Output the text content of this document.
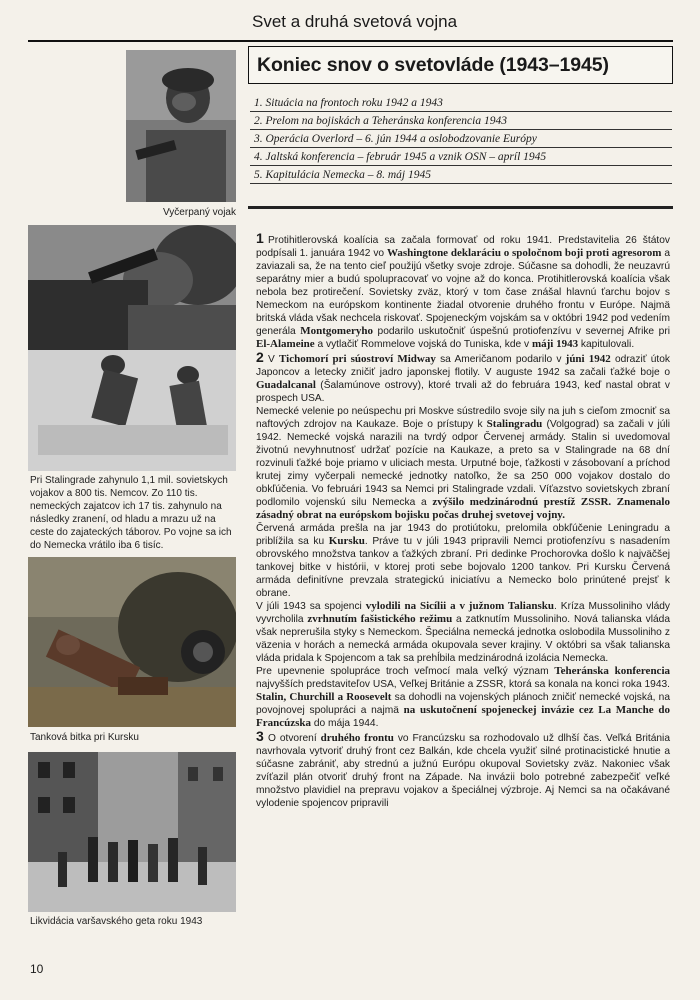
Svet a druhá svetová vojna
Vyčerpaný vojak
Pri Stalingrade zahynulo 1,1 mil. sovietskych vojakov a 800 tis. Nemcov. Zo 110 tis. nemeckých zajatcov ich 17 tis. zahynulo na následky zranení, od hladu a mrazu už na ceste do zajateckých táborov. Po vojne sa ich do Nemecka vrátilo iba 6 tisíc.
Tanková bitka pri Kursku
Likvidácia varšavského geta roku 1943
Koniec snov o svetovláde (1943–1945)
1. Situácia na frontoch roku 1942 a 1943
2. Prelom na bojiskách a Teheránska konferencia 1943
3. Operácia Overlord – 6. jún 1944 a oslobodzovanie Európy
4. Jaltská konferencia – február 1945 a vznik OSN – apríl 1945
5. Kapitulácia Nemecka – 8. máj 1945

1 Protihitlerovská koalícia sa začala formovať od roku 1941. Predstavitelia 26 štátov podpísali 1. januára 1942 vo Washingtone deklaráciu o spoločnom boji proti agresorom a zaviazali sa, že na tento cieľ použijú všetky svoje zdroje. Súčasne sa dohodli, že neuzavrú separátny mier a budú spolupracovať vo vojne až do konca. Protihitlerovská koalícia však nebola bez protirečení. Sovietsky zväz, ktorý v tom čase znášal hlavnú ťarchu bojov s Nemeckom na európskom kontinente žiadal otvorenie druhého frontu v Európe. Najmä britská vláda však nechcela riskovať. Spojeneckým vojskám sa v októbri 1942 pod vedením generála Montgomeryho podarilo uskutočniť úspešnú protiofenzívu v severnej Afrike pri El-Alameine a vytlačiť Rommelove vojská do Tuniska, kde v máji 1943 kapitulovali.

2 V Tichomorí pri súostroví Midway sa Američanom podarilo v júni 1942 odraziť útok Japoncov a letecky zničiť jadro japonskej flotily. V auguste 1942 sa začali ťažké boje o Guadalcanal (Šalamúnove ostrovy), ktoré trvali až do februára 1943, keď nastal obrat v prospech USA.

Nemecké velenie po neúspechu pri Moskve sústredilo svoje sily na juh s cieľom zmocniť sa naftových zdrojov na Kaukaze. Boje o prístupy k Stalingradu (Volgograd) sa začali v júli 1942. Nemecké vojská narazili na tvrdý odpor Červenej armády. Stalin si uvedomoval životnú nevyhnutnosť udržať pozície na Kaukaze, a preto sa v Stalingrade na 68 dní rozvinuli ťažké boje priamo v uliciach mesta. Urputné boje, ťažkosti v zásobovaní a príchod krutej zimy vyčerpali nemecké jednotky natoľko, že sa 250 000 vojakov dostalo do obkľúčenia. Vo februári 1943 sa Nemci pri Stalingrade vzdali. Víťazstvo sovietskych zbraní podlomilo vojenskú silu Nemecka a zvýšilo medzinárodnú prestíž ZSSR. Znamenalo zásadný obrat na európskom bojisku počas druhej svetovej vojny.

Červená armáda prešla na jar 1943 do protiútoku, prelomila obkľúčenie Leningradu a priblížila sa ku Kursku. Práve tu v júli 1943 pripravili Nemci protiofenzívu s nasadením obrovského množstva tankov a ťažkých zbraní. Pri dedinke Prochorovka došlo k najväčšej tankovej bitke v histórii, v ktorej proti sebe bojovalo 1200 tankov. Pri Kursku Červená armáda definitívne prevzala strategickú iniciatívu a Nemecko bolo prinútené prejsť k obrane.

V júli 1943 sa spojenci vylodili na Sicílii a v južnom Taliansku. Kríza Mussoliniho vlády vyvrcholila zvrhnutím fašistického režimu a zatknutím Mussoliniho. Nová talianska vláda však neprerušila styky s Nemeckom. Špeciálna nemecká jednotka oslobodila Mussoliniho z väzenia v horách a nemecká armáda okupovala sever krajiny. V októbri sa však talianska vláda pridala k Spojencom a tak sa prehĺbila medzinárodná izolácia Nemecka.

Pre upevnenie spolupráce troch veľmocí mala veľký význam Teheránska konferencia najvyšších predstaviteľov USA, Veľkej Británie a ZSSR, ktorá sa konala na konci roka 1943. Stalin, Churchill a Roosevelt sa dohodli na vojenských plánoch zničiť nemecké vojská, na povojnovej spolupráci a najmä na uskutočnení spojeneckej invázie cez La Manche do Francúzska do mája 1944.

3 O otvorení druhého frontu vo Francúzsku sa rozhodovalo už dlhší čas. Veľká Británia navrhovala vytvoriť druhý front cez Balkán, kde chcela využiť silné protinacistické hnutie a súčasne zabrániť, aby strednú a južnú Európu okupoval Sovietsky zväz. Nakoniec však zvíťazil plán otvoriť druhý front na Západe. Na invázii bolo potrebné zabezpečiť veľké množstvo plavidiel na prepravu vojakov a špeciálnej výzbroje. Aj Nemci sa na očakávané vylodenie spojencov pripravili

10
